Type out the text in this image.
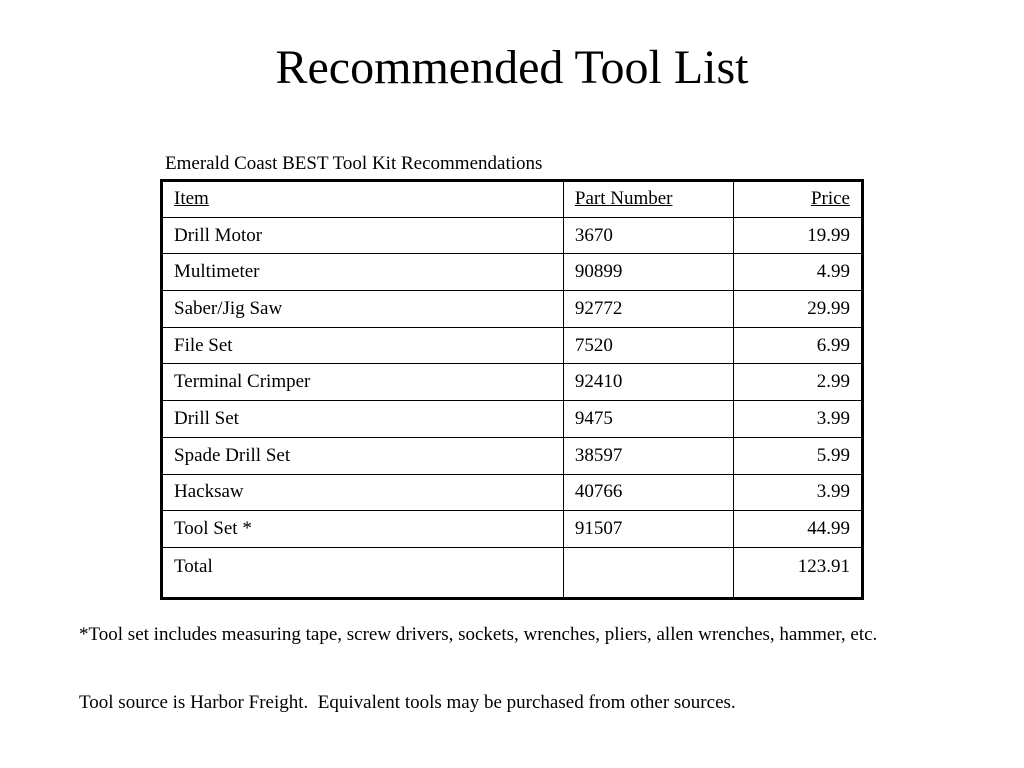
Recommended Tool List
Emerald Coast BEST Tool Kit Recommendations
Item	Part Number	Price
Drill Motor	3670	19.99
Multimeter	90899	4.99
Saber/Jig Saw	92772	29.99
File Set	7520	6.99
Terminal Crimper	92410	2.99
Drill Set	9475	3.99
Spade Drill Set	38597	5.99
Hacksaw	40766	3.99
Tool Set *	91507	44.99
Total		123.91

*Tool set includes measuring tape, screw drivers, sockets, wrenches, pliers, allen wrenches, hammer, etc.

Tool source is Harbor Freight.  Equivalent tools may be purchased from other sources.
